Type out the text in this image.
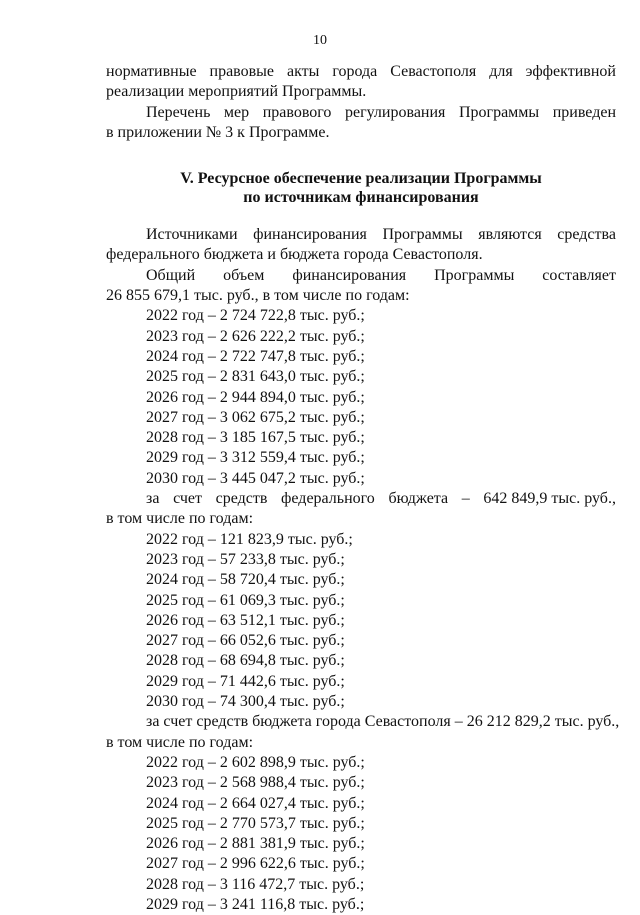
10
нормативные правовые акты города Севастополя для эффективной
реализации мероприятий Программы.
Перечень мер правового регулирования Программы приведен
в приложении № 3 к Программе.
V. Ресурсное обеспечение реализации Программы
по источникам финансирования
Источниками финансирования Программы являются средства
федерального бюджета и бюджета города Севастополя.
Общий объем финансирования Программы составляет
26 855 679,1 тыс. руб., в том числе по годам:
2022 год – 2 724 722,8 тыс. руб.;
2023 год – 2 626 222,2 тыс. руб.;
2024 год – 2 722 747,8 тыс. руб.;
2025 год – 2 831 643,0 тыс. руб.;
2026 год – 2 944 894,0 тыс. руб.;
2027 год – 3 062 675,2 тыс. руб.;
2028 год – 3 185 167,5 тыс. руб.;
2029 год – 3 312 559,4 тыс. руб.;
2030 год – 3 445 047,2 тыс. руб.;
за счет средств федерального бюджета – 642 849,9 тыс. руб.,
в том числе по годам:
2022 год – 121 823,9 тыс. руб.;
2023 год – 57 233,8 тыс. руб.;
2024 год – 58 720,4 тыс. руб.;
2025 год – 61 069,3 тыс. руб.;
2026 год – 63 512,1 тыс. руб.;
2027 год – 66 052,6 тыс. руб.;
2028 год – 68 694,8 тыс. руб.;
2029 год – 71 442,6 тыс. руб.;
2030 год – 74 300,4 тыс. руб.;
за счет средств бюджета города Севастополя – 26 212 829,2 тыс. руб.,
в том числе по годам:
2022 год – 2 602 898,9 тыс. руб.;
2023 год – 2 568 988,4 тыс. руб.;
2024 год – 2 664 027,4 тыс. руб.;
2025 год – 2 770 573,7 тыс. руб.;
2026 год – 2 881 381,9 тыс. руб.;
2027 год – 2 996 622,6 тыс. руб.;
2028 год – 3 116 472,7 тыс. руб.;
2029 год – 3 241 116,8 тыс. руб.;
